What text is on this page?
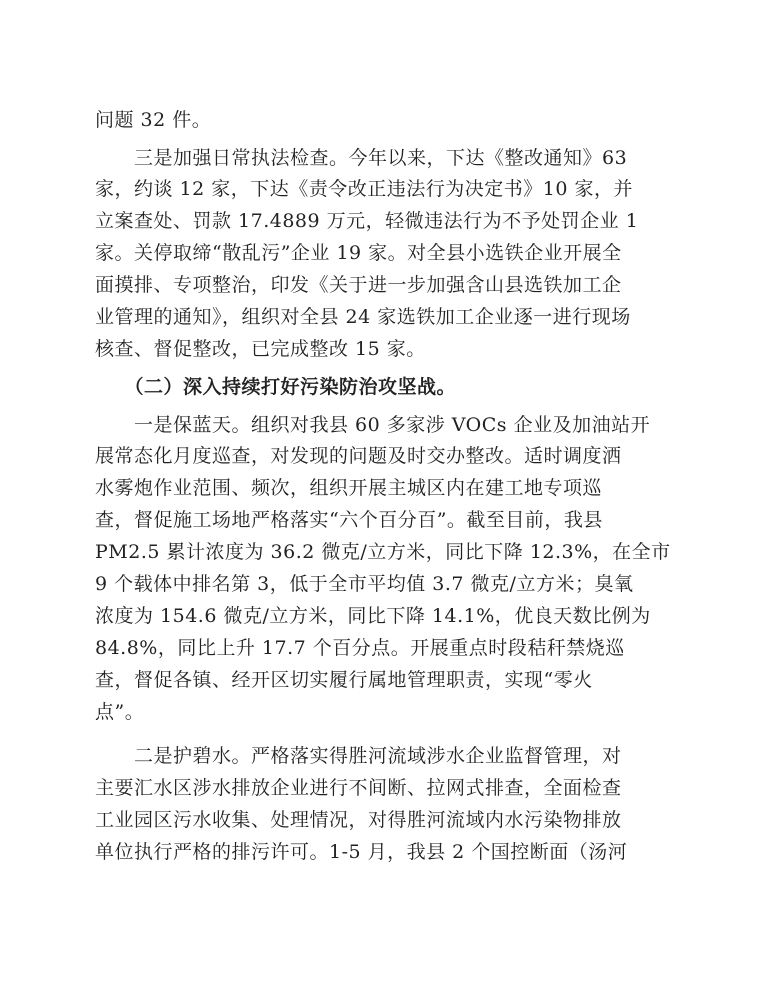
问题 32 件。
　　三是加强日常执法检查。今年以来，下达《整改通知》63
家，约谈 12 家，下达《责令改正违法行为决定书》10 家，并
立案查处、罚款 17.4889 万元，轻微违法行为不予处罚企业 1
家。关停取缔“散乱污”企业 19 家。对全县小选铁企业开展全
面摸排、专项整治，印发《关于进一步加强含山县选铁加工企
业管理的通知》，组织对全县 24 家选铁加工企业逐一进行现场
核查、督促整改，已完成整改 15 家。
　　（二）深入持续打好污染防治攻坚战。
　　一是保蓝天。组织对我县 60 多家涉 VOCs 企业及加油站开
展常态化月度巡查，对发现的问题及时交办整改。适时调度洒
水雾炮作业范围、频次，组织开展主城区内在建工地专项巡
查，督促施工场地严格落实“六个百分百”。截至目前，我县
PM2.5 累计浓度为 36.2 微克/立方米，同比下降 12.3%，在全市
9 个载体中排名第 3，低于全市平均值 3.7 微克/立方米；臭氧
浓度为 154.6 微克/立方米，同比下降 14.1%，优良天数比例为
84.8%，同比上升 17.7 个百分点。开展重点时段秸秆禁烧巡
查，督促各镇、经开区切实履行属地管理职责，实现“零火
点”。
　　二是护碧水。严格落实得胜河流域涉水企业监督管理，对
主要汇水区涉水排放企业进行不间断、拉网式排查，全面检查
工业园区污水收集、处理情况，对得胜河流域内水污染物排放
单位执行严格的排污许可。1-5 月，我县 2 个国控断面（汤河
